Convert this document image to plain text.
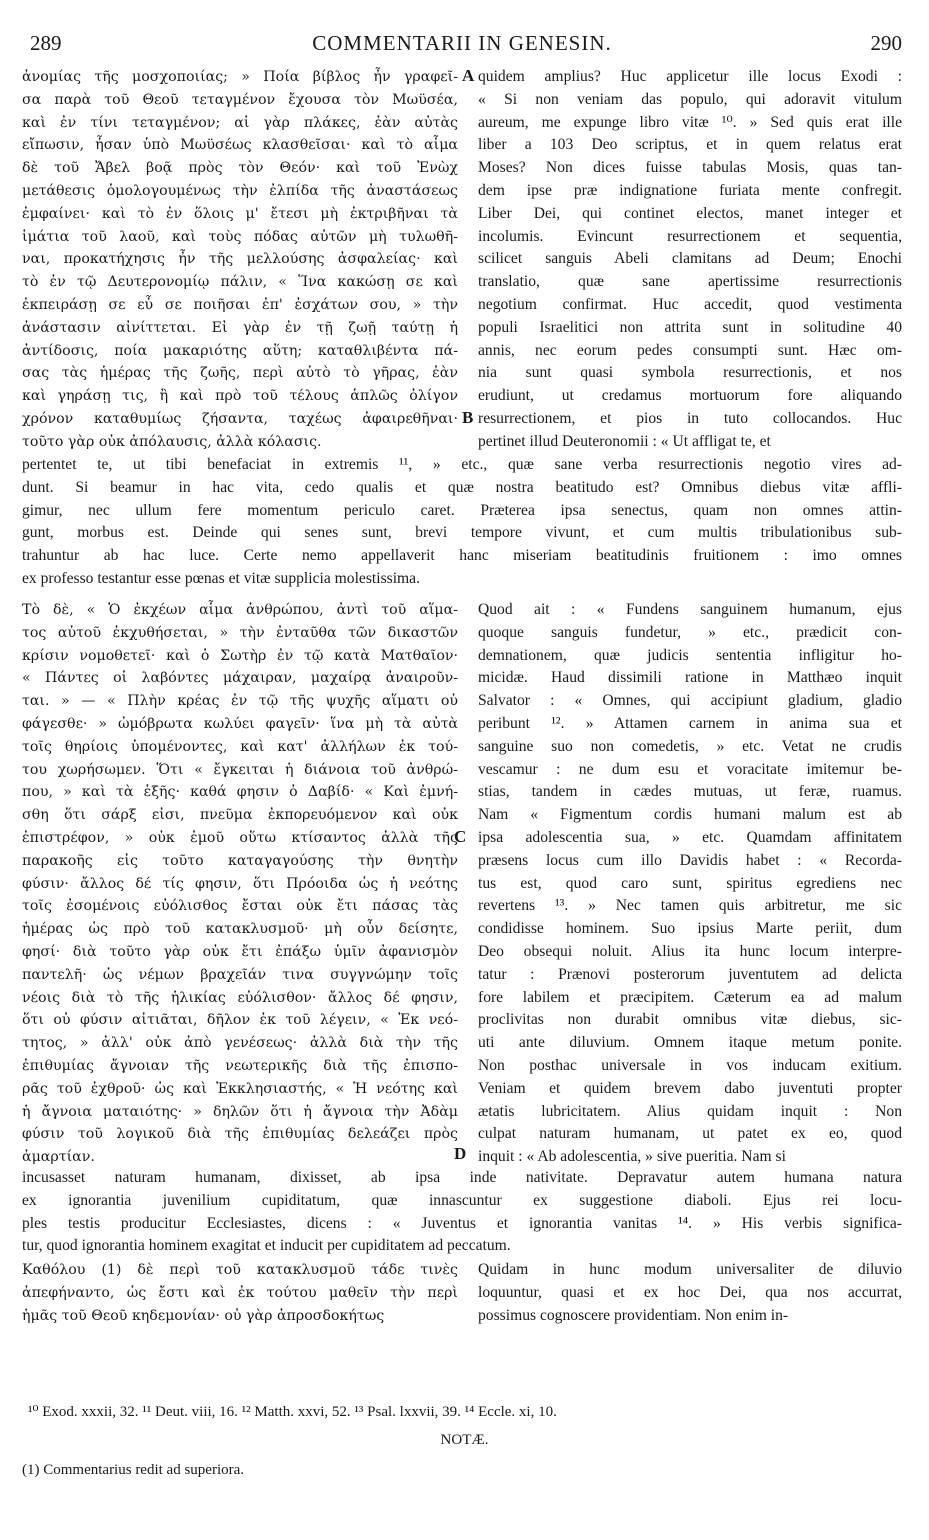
289	COMMENTARII IN GENESIN.	290
ἀνομίας τῆς μοσχοποιίας; » Ποία βίβλος ἦν γραφεῖ-
σα παρὰ τοῦ Θεοῦ τεταγμένον ἔχουσα τὸν Μωϋσέα,
καὶ ἐν τίνι τεταγμένον; αἱ γὰρ πλάκες, ἐὰν αὐτὰς
εἴπωσιν, ἦσαν ὑπὸ Μωϋσέως κλασθεῖσαι· καὶ τὸ αἷμα
δὲ τοῦ Ἄβελ βοᾷ πρὸς τὸν Θεόν· καὶ τοῦ Ἐνὼχ
μετάθεσις ὁμολογουμένως τὴν ἐλπίδα τῆς ἀναστάσεως
ἐμφαίνει· καὶ τὸ ἐν ὅλοις μ' ἔτεσι μὴ ἐκτριβῆναι τὰ
ἱμάτια τοῦ λαοῦ, καὶ τοὺς πόδας αὐτῶν μὴ τυλωθῆ-
ναι, προκατήχησις ἦν τῆς μελλούσης ἀσφαλείας· καὶ
τὸ ἐν τῷ Δευτερονομίῳ πάλιν, « Ἵνα κακώσῃ σε καὶ
ἐκπειράσῃ σε εὖ σε ποιῆσαι ἐπ' ἐσχάτων σου, » τὴν
ἀνάστασιν αἰνίττεται. Εἰ γὰρ ἐν τῇ ζωῇ ταύτῃ ἡ
ἀντίδοσις, ποία μακαριότης αὕτη; καταθλιβέντα πά-
σας τὰς ἡμέρας τῆς ζωῆς, περὶ αὐτὸ τὸ γῆρας, ἐὰν
καὶ γηράσῃ τις, ἢ καὶ πρὸ τοῦ τέλους ἁπλῶς ὀλίγον
χρόνον καταθυμίως ζήσαντα, ταχέως ἀφαιρεθῆναι·
τοῦτο γὰρ οὐκ ἀπόλαυσις, ἀλλὰ κόλασις.
quidem amplius? Huc applicetur ille locus Exodi :
« Si non veniam das populo, qui adoravit vitulum
aureum, me expunge libro vitæ ¹⁰. » Sed quis erat ille
liber a 103 Deo scriptus, et in quem relatus erat
Moses? Non dices fuisse tabulas Mosis, quas tan-
dem ipse præ indignatione furiata mente confregit.
Liber Dei, qui continet electos, manet integer et
incolumis. Evincunt resurrectionem et sequentia,
scilicet sanguis Abeli clamitans ad Deum; Enochi
translatio, quæ sane apertissime resurrectionis
negotium confirmat. Huc accedit, quod vestimenta
populi Israelitici non attrita sunt in solitudine 40
annis, nec eorum pedes consumpti sunt. Hæc om-
nia sunt quasi symbola resurrectionis, et nos
erudiunt, ut credamus mortuorum fore aliquando
resurrectionem, et pios in tuto collocandos. Huc
pertinet illud Deuteronomii : « Ut affligat te, et
A
B
pertentet te, ut tibi benefaciat in extremis ¹¹, » etc., quæ sane verba resurrectionis negotio vires ad-
dunt. Si beamur in hac vita, cedo qualis et quæ nostra beatitudo est? Omnibus diebus vitæ affli-
gimur, nec ullum fere momentum periculo caret. Præterea ipsa senectus, quam non omnes attin-
gunt, morbus est. Deinde qui senes sunt, brevi tempore vivunt, et cum multis tribulationibus sub-
trahuntur ab hac luce. Certe nemo appellaverit hanc miseriam beatitudinis fruitionem : imo omnes
ex professo testantur esse pœnas et vitæ supplicia molestissima.
Τὸ δὲ, « Ὁ ἐκχέων αἷμα ἀνθρώπου, ἀντὶ τοῦ αἵμα-
τος αὐτοῦ ἐκχυθήσεται, » τὴν ἐνταῦθα τῶν δικαστῶν
κρίσιν νομοθετεῖ· καὶ ὁ Σωτὴρ ἐν τῷ κατὰ Ματθαῖον·
« Πάντες οἱ λαβόντες μάχαιραν, μαχαίρᾳ ἀναιροῦν-
ται. » — « Πλὴν κρέας ἐν τῷ τῆς ψυχῆς αἵματι οὐ
φάγεσθε· » ὠμόβρωτα κωλύει φαγεῖν· ἵνα μὴ τὰ αὐτὰ
τοῖς θηρίοις ὑπομένοντες, καὶ κατ' ἀλλήλων ἐκ τού-
του χωρήσωμεν. Ὅτι « ἔγκειται ἡ διάνοια τοῦ ἀνθρώ-
που, » καὶ τὰ ἑξῆς· καθά φησιν ὁ Δαβίδ· « Καὶ ἐμνή-
σθη ὅτι σάρξ εἰσι, πνεῦμα ἐκπορευόμενον καὶ οὐκ
ἐπιστρέφον, » οὐκ ἐμοῦ οὕτω κτίσαντος ἀλλὰ τῆς
παρακοῆς εἰς τοῦτο καταγαγούσης τὴν θνητὴν
φύσιν· ἄλλος δέ τίς φησιν, ὅτι Πρόοιδα ὡς ἡ νεότης
τοῖς ἐσομένοις εὐόλισθος ἔσται οὐκ ἔτι πάσας τὰς
ἡμέρας ὡς πρὸ τοῦ κατακλυσμοῦ· μὴ οὖν δείσητε,
φησί· διὰ τοῦτο γὰρ οὐκ ἔτι ἐπάξω ὑμῖν ἀφανισμὸν
παντελῆ· ὡς νέμων βραχεῖάν τινα συγγνώμην τοῖς
νέοις διὰ τὸ τῆς ἡλικίας εὐόλισθον· ἄλλος δέ φησιν,
ὅτι οὐ φύσιν αἰτιᾶται, δῆλον ἐκ τοῦ λέγειν, « Ἐκ νεό-
τητος, » ἀλλ' οὐκ ἀπὸ γενέσεως· ἀλλὰ διὰ τὴν τῆς
ἐπιθυμίας ἄγνοιαν τῆς νεωτερικῆς διὰ τῆς ἐπισπο-
ρᾶς τοῦ ἐχθροῦ· ὡς καὶ Ἐκκλησιαστής, « Ἡ νεότης καὶ
ἡ ἄγνοια ματαιότης· » δηλῶν ὅτι ἡ ἄγνοια τὴν Ἀδὰμ
φύσιν τοῦ λογικοῦ διὰ τῆς ἐπιθυμίας δελεάζει πρὸς
ἁμαρτίαν.
Quod ait : « Fundens sanguinem humanum, ejus
quoque sanguis fundetur, » etc., prædicit con-
demnationem, quæ judicis sententia infligitur ho-
micidæ. Haud dissimili ratione in Matthæo inquit
Salvator : « Omnes, qui accipiunt gladium, gladio
peribunt ¹². » Attamen carnem in anima sua et
sanguine suo non comedetis, » etc. Vetat ne crudis
vescamur : ne dum esu et voracitate imitemur be-
stias, tandem in cædes mutuas, ut feræ, ruamus.
Nam « Figmentum cordis humani malum est ab
ipsa adolescentia sua, » etc. Quamdam affinitatem
præsens locus cum illo Davidis habet : « Recorda-
tus est, quod caro sunt, spiritus egrediens nec
revertens ¹³. » Nec tamen quis arbitretur, me sic
condidisse hominem. Suo ipsius Marte periit, dum
Deo obsequi noluit. Alius ita hunc locum interpre-
tatur : Prænovi posterorum juventutem ad delicta
fore labilem et præcipitem. Cæterum ea ad malum
proclivitas non durabit omnibus vitæ diebus, sic-
uti ante diluvium. Omnem itaque metum ponite.
Non posthac universale in vos inducam exitium.
Veniam et quidem brevem dabo juventuti propter
ætatis lubricitatem. Alius quidam inquit : Non
culpat naturam humanam, ut patet ex eo, quod
inquit : « Ab adolescentia, » sive pueritia. Nam si
C
D
incusasset naturam humanam, dixisset, ab ipsa inde nativitate. Depravatur autem humana natura
ex ignorantia juvenilium cupiditatum, quæ innascuntur ex suggestione diaboli. Ejus rei locu-
ples testis producitur Ecclesiastes, dicens : « Juventus et ignorantia vanitas ¹⁴. » His verbis significa-
tur, quod ignorantia hominem exagitat et inducit per cupiditatem ad peccatum.
Καθόλου (1) δὲ περὶ τοῦ κατακλυσμοῦ τάδε τινὲς
ἀπεφήναντο, ὡς ἔστι καὶ ἐκ τούτου μαθεῖν τὴν περὶ
ἡμᾶς τοῦ Θεοῦ κηδεμονίαν· οὐ γὰρ ἀπροσδοκήτως
Quidam in hunc modum universaliter de diluvio
loquuntur, quasi et ex hoc Dei, qua nos accurrat,
possimus cognoscere providentiam. Non enim in-
¹⁰ Exod. xxxii, 32. ¹¹ Deut. viii, 16. ¹² Matth. xxvi, 52. ¹³ Psal. lxxvii, 39. ¹⁴ Eccle. xi, 10.
NOTÆ.
(1) Commentarius redit ad superiora.
